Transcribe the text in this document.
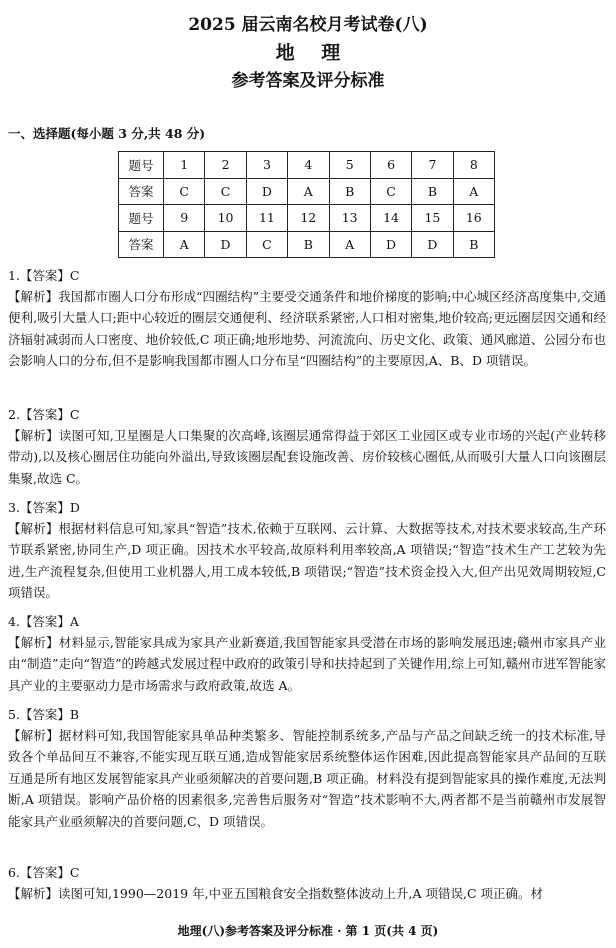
2025 届云南名校月考试卷(八)
地 理
参考答案及评分标准
一、选择题(每小题 3 分,共 48 分)
题号	1	2	3	4	5	6	7	8
答案	C	C	D	A	B	C	B	A
题号	9	10	11	12	13	14	15	16
答案	A	D	C	B	A	D	D	B
1.【答案】C
【解析】我国都市圈人口分布形成“四圈结构”主要受交通条件和地价梯度的影响;中心城区经济高度集中,交通便利,吸引大量人口;距中心较近的圈层交通便利、经济联系紧密,人口相对密集,地价较高;更远圈层因交通和经济辐射减弱而人口密度、地价较低,C 项正确;地形地势、河流流向、历史文化、政策、通风廊道、公园分布也会影响人口的分布,但不是影响我国都市圈人口分布呈“四圈结构”的主要原因,A、B、D 项错误。
2.【答案】C
【解析】读图可知,卫星圈是人口集聚的次高峰,该圈层通常得益于郊区工业园区或专业市场的兴起(产业转移带动),以及核心圈居住功能向外溢出,导致该圈层配套设施改善、房价较核心圈低,从而吸引大量人口向该圈层集聚,故选 C。
3.【答案】D
【解析】根据材料信息可知,家具“智造”技术,依赖于互联网、云计算、大数据等技术,对技术要求较高,生产环节联系紧密,协同生产,D 项正确。因技术水平较高,故原料利用率较高,A 项错误;“智造”技术生产工艺较为先进,生产流程复杂,但使用工业机器人,用工成本较低,B 项错误;“智造”技术资金投入大,但产出见效周期较短,C 项错误。
4.【答案】A
【解析】材料显示,智能家具成为家具产业新赛道,我国智能家具受潜在市场的影响发展迅速;赣州市家具产业由“制造”走向“智造”的跨越式发展过程中政府的政策引导和扶持起到了关键作用,综上可知,赣州市进军智能家具产业的主要驱动力是市场需求与政府政策,故选 A。
5.【答案】B
【解析】据材料可知,我国智能家具单品种类繁多、智能控制系统多,产品与产品之间缺乏统一的技术标准,导致各个单品间互不兼容,不能实现互联互通,造成智能家居系统整体运作困难,因此提高智能家具产品间的互联互通是所有地区发展智能家具产业亟须解决的首要问题,B 项正确。材料没有提到智能家具的操作难度,无法判断,A 项错误。影响产品价格的因素很多,完善售后服务对“智造”技术影响不大,两者都不是当前赣州市发展智能家具产业亟须解决的首要问题,C、D 项错误。
6.【答案】C
【解析】读图可知,1990—2019 年,中亚五国粮食安全指数整体波动上升,A 项错误,C 项正确。材
地理(八)参考答案及评分标准 · 第 1 页(共 4 页)
